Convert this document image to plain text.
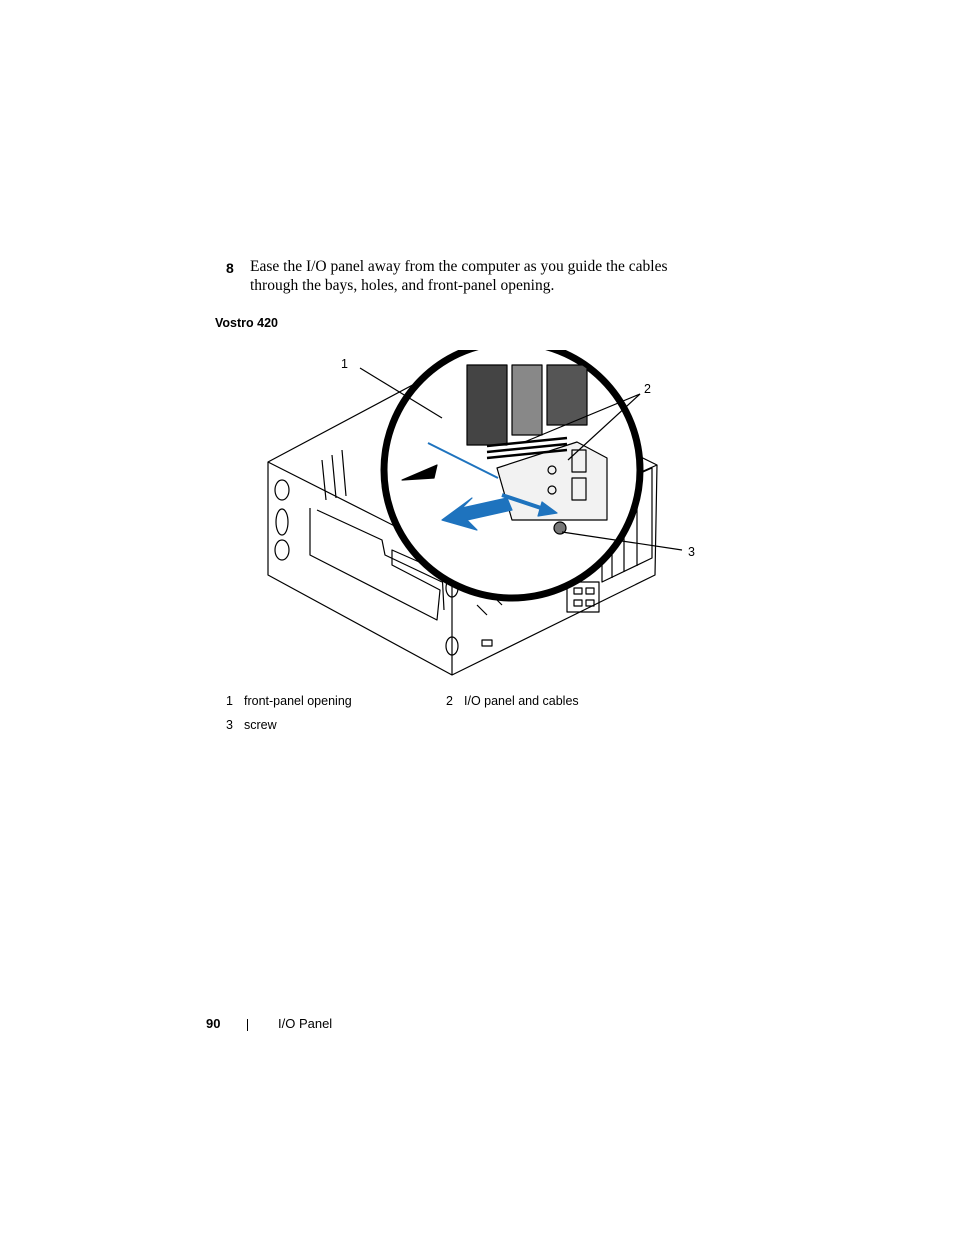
8 Ease the I/O panel away from the computer as you guide the cables
through the bays, holes, and front-panel opening.
Vostro 420
1
2
3
1 front-panel opening	2 I/O panel and cables
3 screw
90	I/O Panel
